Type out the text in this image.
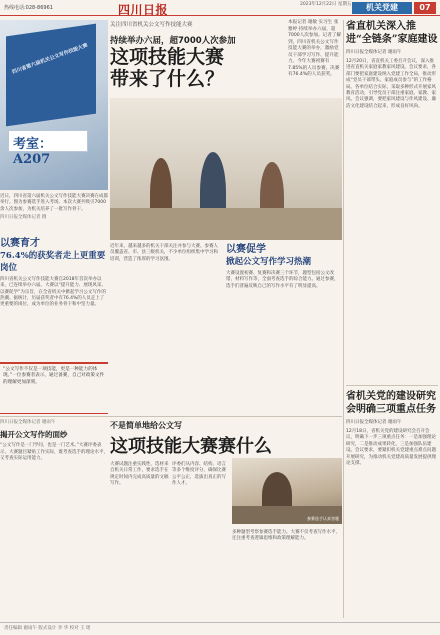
热线电话:028-86961	四川日报	2023年12月22日 星期五	机关党建	07
四川省第六届机关公文写作技能大赛
考室：A207
关注四川省机关公文写作技能大赛
持续举办六届，超7000人次参加
这项技能大赛
带来了什么？
本报记者 谢敏 实习生 张雅婷 持续举办六届，超7000人次参加。记者了解到，四川省机关公文写作技能大赛的举办，激励党员干部学习写作、提升能力。今年大赛初赛有7.85%的人员参赛，决赛有76.4%的人员获奖。
省直机关深入推进“全链条”家庭建设
四川日报全媒体记者 谢雨午
12月20日，省直机关工委召开会议，深入推进省直机关家庭家教家风建设。会议要求，各部门要把家庭建设纳入党建工作全局，推动形成“党员干部带头、家庭成员参与”的工作格局。各单位结合实际，采取多种形式开展家风教育活动，引导党员干部注重家庭、家教、家风。会议强调，要把家风建设与作风建设、廉洁文化建设结合起来，形成良好风尚。
近日，四川省第六届机关公文写作技能大赛决赛在成都举行。图为参赛选手进入考场。本次大赛共吸引7000余人次参加，为机关培养了一批写作骨干。
四川日报全媒体记者 摄
以赛育才
76.4%的获奖者走上更重要岗位
四川省机关公文写作技能大赛自2018年首次举办以来，已连续举办六届。大赛以“提升能力、展现风采、以赛促学”为宗旨，在全省机关中掀起学习公文写作的热潮。据统计，历届获奖者中有76.4%的人员走上了更重要的岗位，成为单位的业务骨干和中坚力量。
近年来，越来越多的机关干部关注并参与大赛。参赛人员覆盖省、市、县三级机关，不少单位组织集中学习和培训，营造了浓厚的学习氛围。
以赛促学
掀起公文写作学习热潮
大赛设置初赛、复赛和决赛三个环节，题型包括公文改错、材料写作等，全面考查选手的综合能力。通过参赛，选手们普遍反映自己的写作水平有了明显提高。
“公文写作不仅是一项技能，更是一种能力的体现。”一位参赛者表示，通过备赛，自己对政策文件的理解更加深刻。
不是简单地给公文写
这项技能大赛赛什么
四川日报全媒体记者 谢雨午
揭开公文写作的面纱
“公文写作是一门学问，也是一门艺术。”大赛评委表示，大赛题目紧贴工作实际，既考查选手的理论水平，又考查实际运用能力。
大赛试题注重实践性，选材来自机关日常工作，要求选手在规定时间内完成高质量的文稿写作。
评委们从内容、结构、语言等多个维度评分，确保比赛公平公正，选拔出真正的写作人才。
参赛选手认真答题
多种题型考察参赛选手能力。大赛不仅考查写作水平，还注重考查逻辑思维和政策理解能力。
省机关党的建设研究会明确三项重点任务
四川日报全媒体记者 谢雨午
12月18日，省机关党的建设研究会召开会议，明确下一步三项重点任务：一是加强理论研究，二是推动成果转化，三是加强队伍建设。会议要求，要紧扣机关党建重点难点问题开展研究，为推动机关党建高质量发展提供理论支撑。
责任编辑 谢雨午 版式设计 李 华 校对 王 珺
